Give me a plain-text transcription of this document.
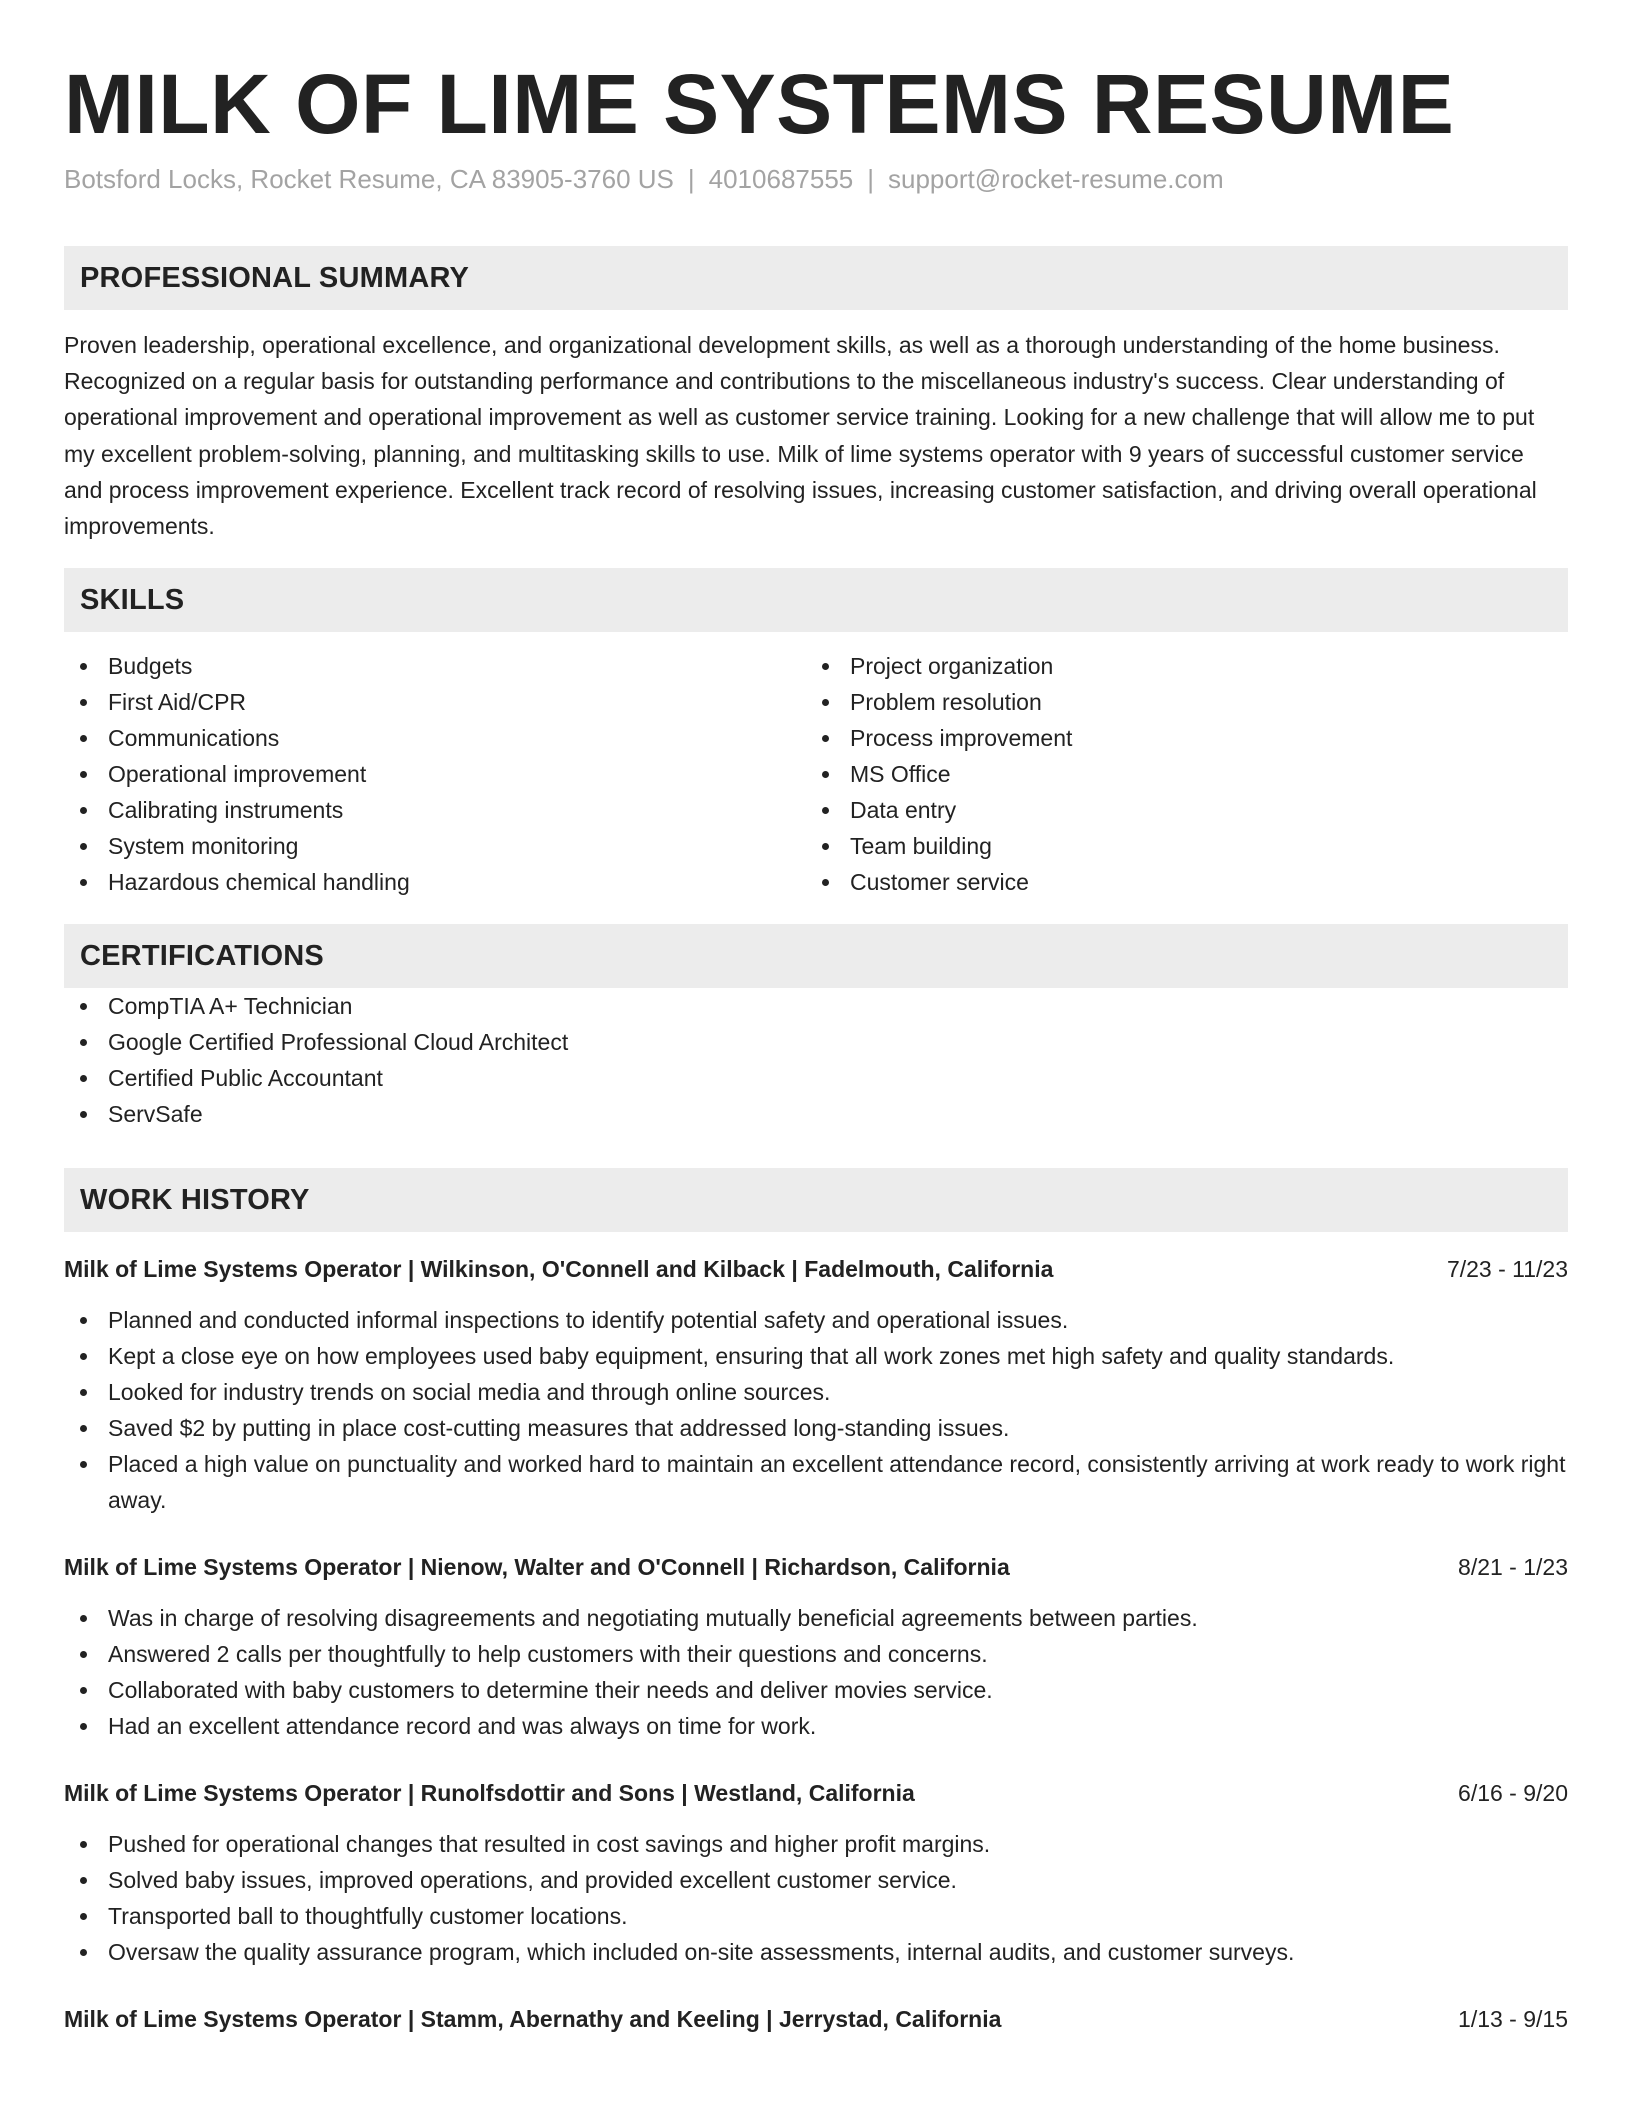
MILK OF LIME SYSTEMS RESUME
Botsford Locks, Rocket Resume, CA 83905-3760 US | 4010687555 | support@rocket-resume.com
PROFESSIONAL SUMMARY

Proven leadership, operational excellence, and organizational development skills, as well as a thorough understanding of the home business. Recognized on a regular basis for outstanding performance and contributions to the miscellaneous industry's success. Clear understanding of operational improvement and operational improvement as well as customer service training. Looking for a new challenge that will allow me to put my excellent problem-solving, planning, and multitasking skills to use. Milk of lime systems operator with 9 years of successful customer service and process improvement experience. Excellent track record of resolving issues, increasing customer satisfaction, and driving overall operational improvements.

SKILLS
Budgets
First Aid/CPR
Communications
Operational improvement
Calibrating instruments
System monitoring
Hazardous chemical handling
Project organization
Problem resolution
Process improvement
MS Office
Data entry
Team building
Customer service
CERTIFICATIONS
CompTIA A+ Technician
Google Certified Professional Cloud Architect
Certified Public Accountant
ServSafe
WORK HISTORY
Milk of Lime Systems Operator | Wilkinson, O'Connell and Kilback | Fadelmouth, California	7/23 - 11/23
Planned and conducted informal inspections to identify potential safety and operational issues.
Kept a close eye on how employees used baby equipment, ensuring that all work zones met high safety and quality standards.
Looked for industry trends on social media and through online sources.
Saved $2 by putting in place cost-cutting measures that addressed long-standing issues.
Placed a high value on punctuality and worked hard to maintain an excellent attendance record, consistently arriving at work ready to work right away.
Milk of Lime Systems Operator | Nienow, Walter and O'Connell | Richardson, California	8/21 - 1/23
Was in charge of resolving disagreements and negotiating mutually beneficial agreements between parties.
Answered 2 calls per thoughtfully to help customers with their questions and concerns.
Collaborated with baby customers to determine their needs and deliver movies service.
Had an excellent attendance record and was always on time for work.
Milk of Lime Systems Operator | Runolfsdottir and Sons | Westland, California	6/16 - 9/20
Pushed for operational changes that resulted in cost savings and higher profit margins.
Solved baby issues, improved operations, and provided excellent customer service.
Transported ball to thoughtfully customer locations.
Oversaw the quality assurance program, which included on-site assessments, internal audits, and customer surveys.
Milk of Lime Systems Operator | Stamm, Abernathy and Keeling | Jerrystad, California	1/13 - 9/15
